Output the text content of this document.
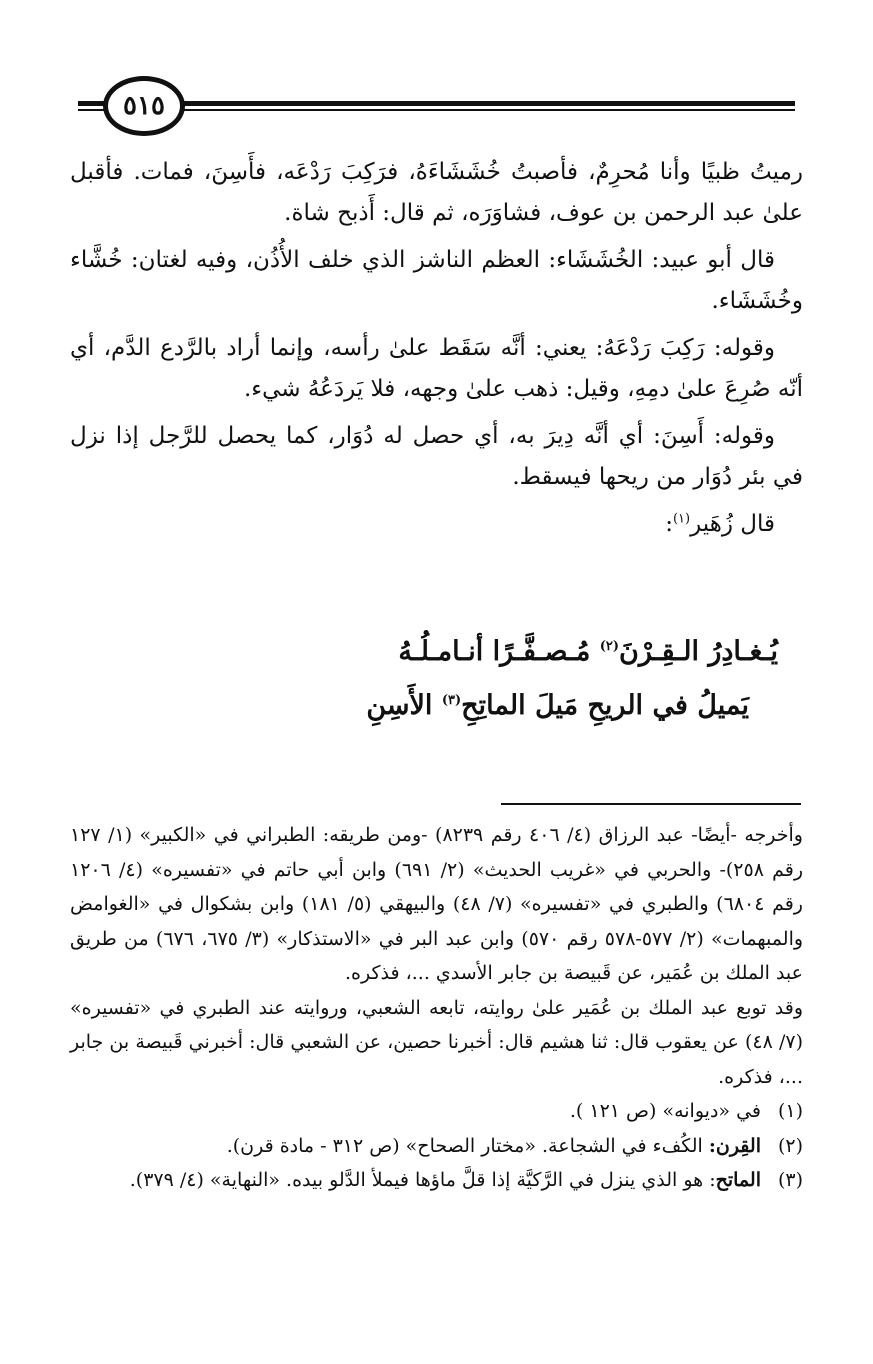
٥١٥

رميتُ ظبيًا وأنا مُحرِمٌ، فأصبتُ خُشَشَاءَهُ، فرَكِبَ رَدْعَه، فأَسِنَ، فمات. فأقبل علىٰ عبد الرحمن بن عوف، فشاوَرَه، ثم قال: أَذبح شاة.

قال أبو عبيد: الخُشَشَاء: العظم الناشز الذي خلف الأُذُن، وفيه لغتان: خُشَّاء وخُشَشَاء.

وقوله: رَكِبَ رَدْعَهُ: يعني: أنَّه سَقَط علىٰ رأسه، وإنما أراد بالرَّدع الدَّم، أي أنّه صُرِعَ علىٰ دمِهِ، وقيل: ذهب علىٰ وجهه، فلا يَردَعُهُ شيء.

وقوله: أَسِنَ: أي أنَّه دِيرَ به، أي حصل له دُوَار، كما يحصل للرَّجل إذا نزل في بئر دُوَار من ريحها فيسقط.

قال زُهَير$^{(١)}$:

يُـغـادِرُ الـقِـرْنَ$^{(٢)}$ مُـصـفَّـرًا أنـامـلُـهُ
يَميلُ في الريحِ مَيلَ الماتِحِ$^{(٣)}$ الأَسِنِ

وأخرجه -أيضًا- عبد الرزاق (٤/ ٤٠٦ رقم ٨٢٣٩) -ومن طريقه: الطبراني في «الكبير» (١/ ١٢٧ رقم ٢٥٨)- والحربي في «غريب الحديث» (٢/ ٦٩١) وابن أبي حاتم في «تفسيره» (٤/ ١٢٠٦ رقم ٦٨٠٤) والطبري في «تفسيره» (٧/ ٤٨) والبيهقي (٥/ ١٨١) وابن بشكوال في «الغوامض والمبهمات» (٢/ ٥٧٧-٥٧٨ رقم ٥٧٠) وابن عبد البر في «الاستذكار» (٣/ ٦٧٥، ٦٧٦) من طريق عبد الملك بن عُمَير، عن قَبيصة بن جابر الأسدي ...، فذكره.

وقد توبع عبد الملك بن عُمَير علىٰ روايته، تابعه الشعبي، وروايته عند الطبري في «تفسيره» (٧/ ٤٨) عن يعقوب قال: ثنا هشيم قال: أخبرنا حصين، عن الشعبي قال: أخبرني قَبيصة بن جابر ...، فذكره.

(١)
في «ديوانه» (ص ١٢١ ).
(٢)
القِرن: الكُفء في الشجاعة. «مختار الصحاح» (ص ٣١٢ - مادة قرن).
(٣)
الماتح: هو الذي ينزل في الرَّكيَّة إذا قلَّ ماؤها فيملأ الدَّلو بيده. «النهاية» (٤/ ٣٧٩).
